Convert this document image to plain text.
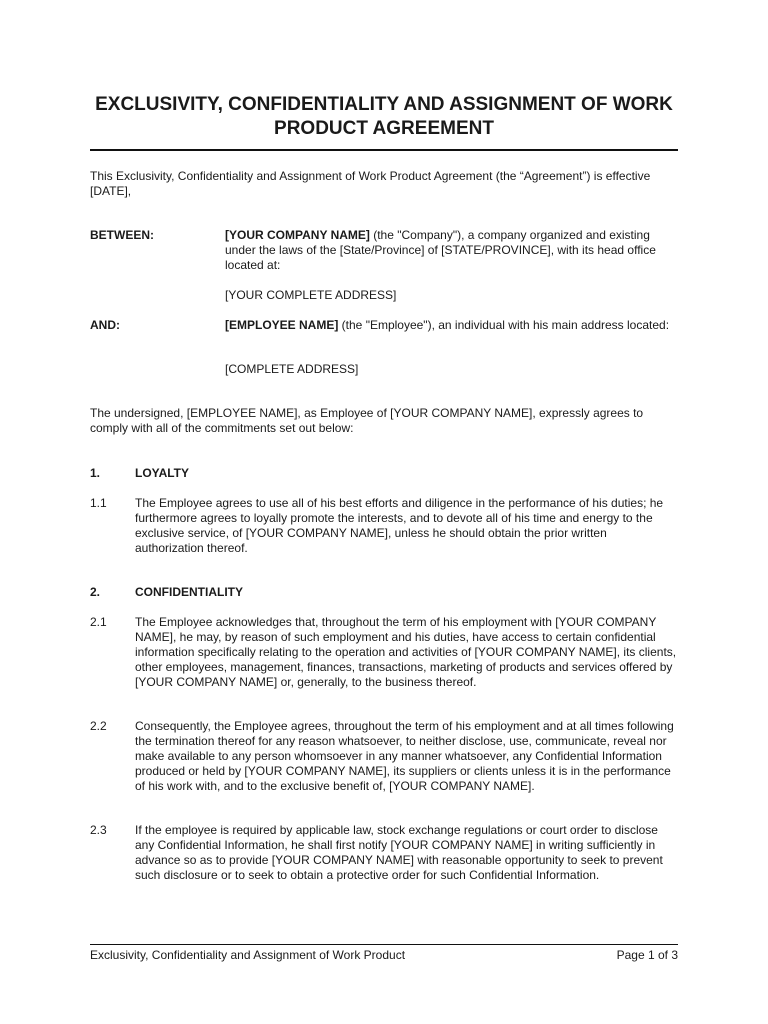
EXCLUSIVITY, CONFIDENTIALITY AND ASSIGNMENT OF WORK PRODUCT AGREEMENT

This Exclusivity, Confidentiality and Assignment of Work Product Agreement (the “Agreement”) is effective [DATE],

BETWEEN:	[YOUR COMPANY NAME] (the "Company"), a company organized and existing under the laws of the [State/Province] of [STATE/PROVINCE], with its head office located at:

[YOUR COMPLETE ADDRESS]

AND:	[EMPLOYEE NAME] (the "Employee"), an individual with his main address located:

[COMPLETE ADDRESS]

The undersigned, [EMPLOYEE NAME], as Employee of [YOUR COMPANY NAME], expressly agrees to comply with all of the commitments set out below:

1.	LOYALTY

1.1 The Employee agrees to use all of his best efforts and diligence in the performance of his duties; he furthermore agrees to loyally promote the interests, and to devote all of his time and energy to the exclusive service, of [YOUR COMPANY NAME], unless he should obtain the prior written authorization thereof.

2.	CONFIDENTIALITY

2.1 The Employee acknowledges that, throughout the term of his employment with [YOUR COMPANY NAME], he may, by reason of such employment and his duties, have access to certain confidential information specifically relating to the operation and activities of [YOUR COMPANY NAME], its clients, other employees, management, finances, transactions, marketing of products and services offered by [YOUR COMPANY NAME] or, generally, to the business thereof.

2.2 Consequently, the Employee agrees, throughout the term of his employment and at all times following the termination thereof for any reason whatsoever, to neither disclose, use, communicate, reveal nor make available to any person whomsoever in any manner whatsoever, any Confidential Information produced or held by [YOUR COMPANY NAME], its suppliers or clients unless it is in the performance of his work with, and to the exclusive benefit of, [YOUR COMPANY NAME].

2.3 If the employee is required by applicable law, stock exchange regulations or court order to disclose any Confidential Information, he shall first notify [YOUR COMPANY NAME] in writing sufficiently in advance so as to provide [YOUR COMPANY NAME] with reasonable opportunity to seek to prevent such disclosure or to seek to obtain a protective order for such Confidential Information.

Exclusivity, Confidentiality and Assignment of Work Product	Page 1 of 3
